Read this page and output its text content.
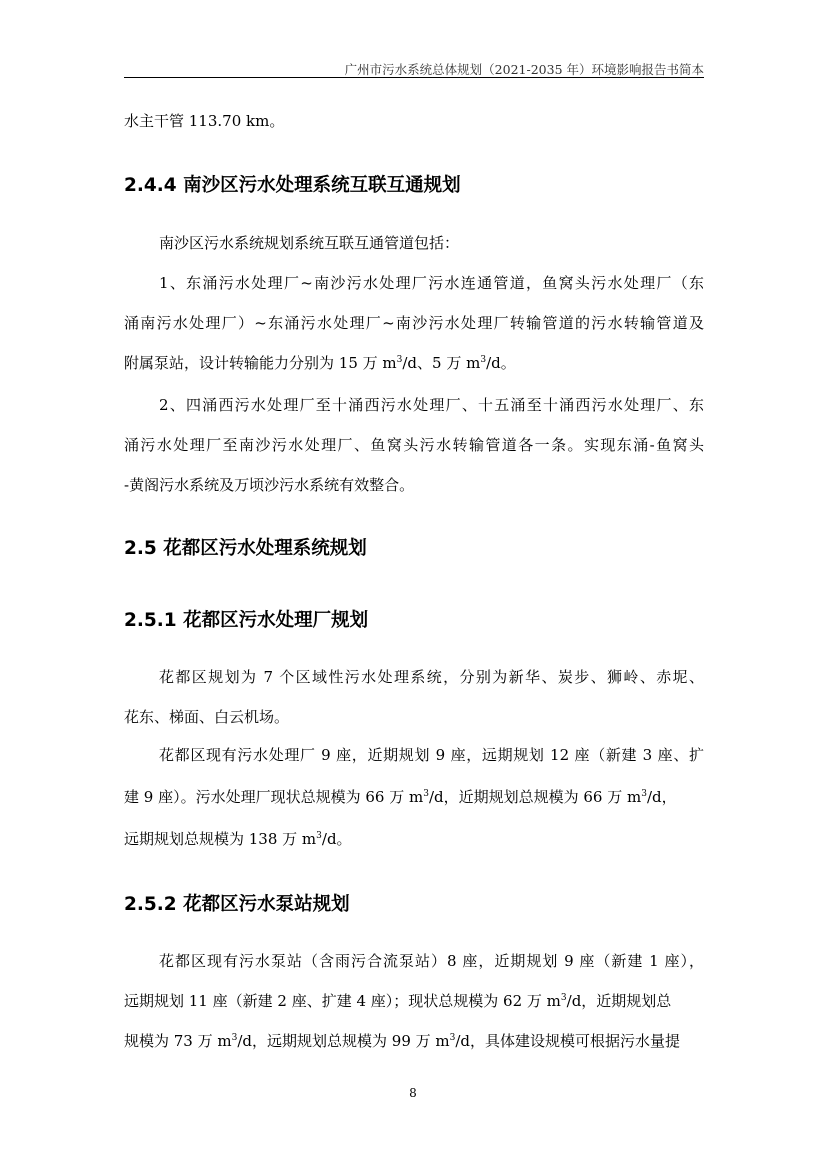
广州市污水系统总体规划（2021-2035 年）环境影响报告书简本
水主干管 113.70 km。
2.4.4 南沙区污水处理系统互联互通规划
南沙区污水系统规划系统互联互通管道包括：
1、东涌污水处理厂~南沙污水处理厂污水连通管道，鱼窝头污水处理厂（东
涌南污水处理厂）~东涌污水处理厂~南沙污水处理厂转输管道的污水转输管道及
附属泵站，设计转输能力分别为 15 万 $m^3/d$、5 万 $m^3/d$。
2、四涌西污水处理厂至十涌西污水处理厂、十五涌至十涌西污水处理厂、东
涌污水处理厂至南沙污水处理厂、鱼窝头污水转输管道各一条。实现东涌-鱼窝头
-黄阁污水系统及万顷沙污水系统有效整合。
2.5 花都区污水处理系统规划
2.5.1 花都区污水处理厂规划
花都区规划为 7 个区域性污水处理系统，分别为新华、炭步、狮岭、赤坭、
花东、梯面、白云机场。
花都区现有污水处理厂 9 座，近期规划 9 座，远期规划 12 座（新建 3 座、扩
建 9 座）。污水处理厂现状总规模为 66 万 $m^3/d$，近期规划总规模为 66 万 $m^3/d$，
远期规划总规模为 138 万 $m^3/d$。
2.5.2 花都区污水泵站规划
花都区现有污水泵站（含雨污合流泵站）8 座，近期规划 9 座（新建 1 座），
远期规划 11 座（新建 2 座、扩建 4 座）；现状总规模为 62 万 $m^3/d$，近期规划总
规模为 73 万 $m^3/d$，远期规划总规模为 99 万 $m^3/d$，具体建设规模可根据污水量提
8
